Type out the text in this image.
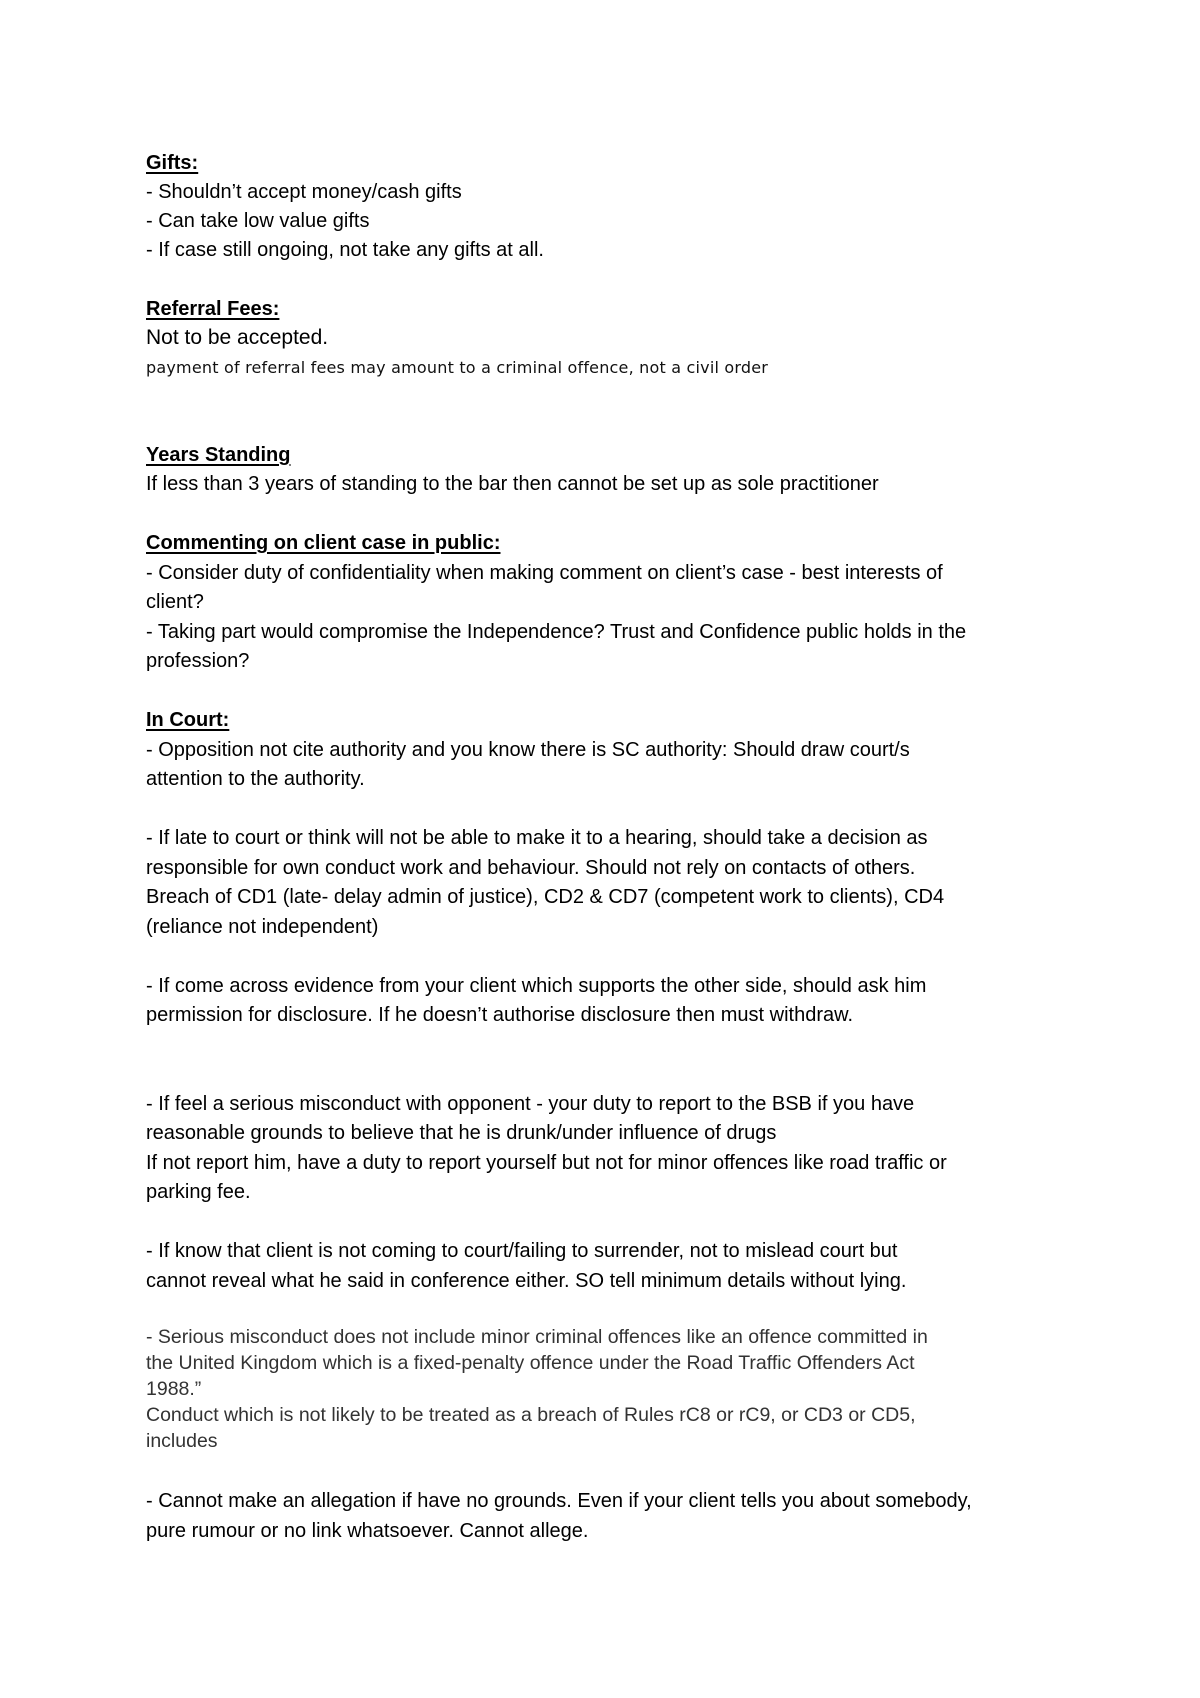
Gifts:
- Shouldn’t accept money/cash gifts
- Can take low value gifts
- If case still ongoing, not take any gifts at all.
Referral Fees:
Not to be accepted.
payment of referral fees may amount to a criminal offence, not a civil order
Years Standing
If less than 3 years of standing to the bar then cannot be set up as sole practitioner
Commenting on client case in public:
- Consider duty of confidentiality when making comment on client’s case - best interests of
client?
- Taking part would compromise the Independence? Trust and Confidence public holds in the
profession?
In Court:
- Opposition not cite authority and you know there is SC authority: Should draw court/s
attention to the authority.
- If late to court or think will not be able to make it to a hearing, should take a decision as
responsible for own conduct work and behaviour. Should not rely on contacts of others.
Breach of CD1 (late- delay admin of justice), CD2 & CD7 (competent work to clients), CD4
(reliance not independent)
- If come across evidence from your client which supports the other side, should ask him
permission for disclosure. If he doesn’t authorise disclosure then must withdraw.
- If feel a serious misconduct with opponent - your duty to report to the BSB if you have
reasonable grounds to believe that he is drunk/under influence of drugs
If not report him, have a duty to report yourself but not for minor offences like road traffic or
parking fee.
- If know that client is not coming to court/failing to surrender, not to mislead court but
cannot reveal what he said in conference either. SO tell minimum details without lying.
- Serious misconduct does not include minor criminal offences like an offence committed in
the United Kingdom which is a fixed-penalty offence under the Road Traffic Offenders Act
1988.”
Conduct which is not likely to be treated as a breach of Rules rC8 or rC9, or CD3 or CD5,
includes
- Cannot make an allegation if have no grounds. Even if your client tells you about somebody,
pure rumour or no link whatsoever. Cannot allege.
